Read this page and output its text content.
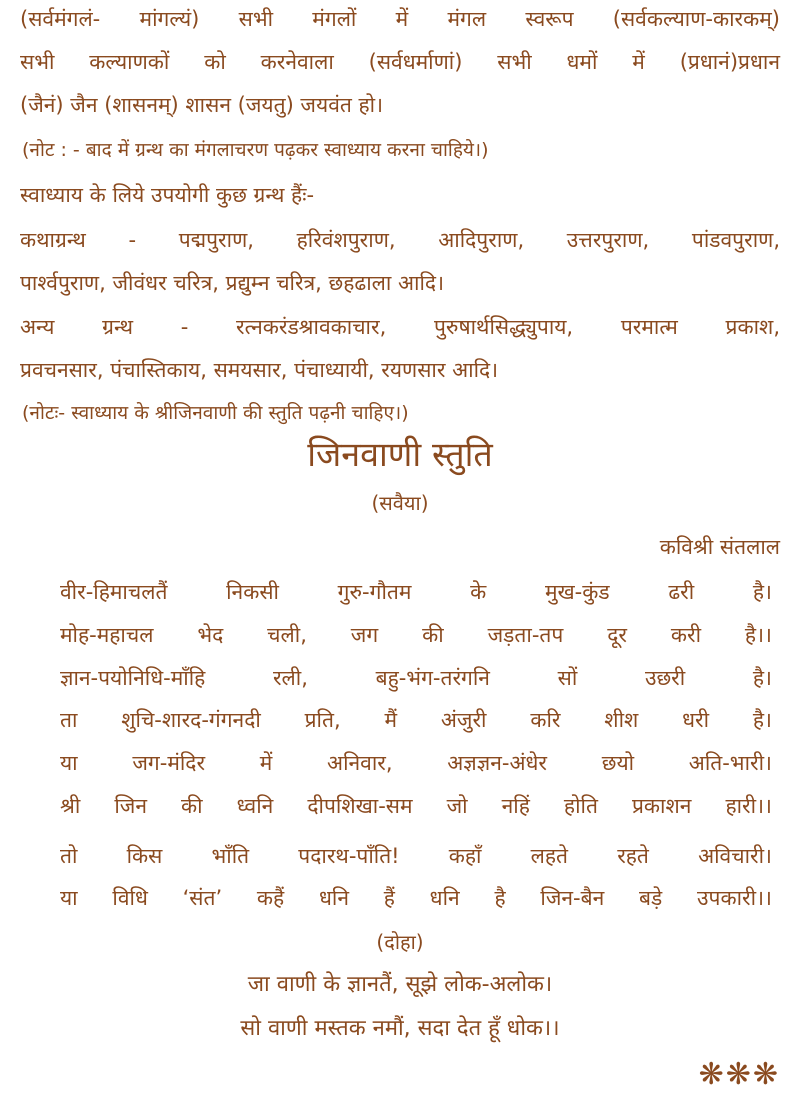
(सर्वमंगलं- मांगल्यं) सभी मंगलों में मंगल स्वरूप (सर्वकल्याण-कारकम्)
सभी कल्याणकों को करनेवाला (सर्वधर्माणां) सभी धमों में (प्रधानं)प्रधान
(जैनं) जैन (शासनम्) शासन (जयतु) जयवंत हो।
(नोट : - बाद में ग्रन्थ का मंगलाचरण पढ़कर स्वाध्याय करना चाहिये।)
स्वाध्याय के लिये उपयोगी कुछ ग्रन्थ हैंः-
कथाग्रन्थ - पद्मपुराण, हरिवंशपुराण, आदिपुराण, उत्तरपुराण, पांडवपुराण,
पार्श्वपुराण, जीवंधर चरित्र, प्रद्युम्न चरित्र, छहढाला आदि।
अन्य ग्रन्थ - रत्नकरंडश्रावकाचार, पुरुषार्थसिद्ध्युपाय, परमात्म प्रकाश,
प्रवचनसार, पंचास्तिकाय, समयसार, पंचाध्यायी, रयणसार आदि।
(नोटः- स्वाध्याय के श्रीजिनवाणी की स्तुति पढ़नी चाहिए।)
जिनवाणी स्तुति
(सवैया)
कविश्री संतलाल
वीर-हिमाचलतैं निकसी गुरु-गौतम के मुख-कुंड ढरी है।
मोह-महाचल भेद चली, जग की जड़ता-तप दूर करी है।।
ज्ञान-पयोनिधि-माँहि रली, बहु-भंग-तरंगनि सों उछरी है।
ता शुचि-शारद-गंगनदी प्रति, मैं अंजुरी करि शीश धरी है।
या जग-मंदिर में अनिवार, अज्ञज्ञन-अंधेर छयो अति-भारी।
श्री जिन की ध्वनि दीपशिखा-सम जो नहिं होति प्रकाशन हारी।।
तो किस भाँति पदारथ-पाँति! कहाँ लहते रहते अविचारी।
या विधि ‘संत’ कहैं धनि हैं धनि है जिन-बैन बड़े उपकारी।।
(दोहा)
जा वाणी के ज्ञानतैं, सूझे लोक-अलोक।
सो वाणी मस्तक नमौं, सदा देत हूँ धोक।।
❋❋❋
